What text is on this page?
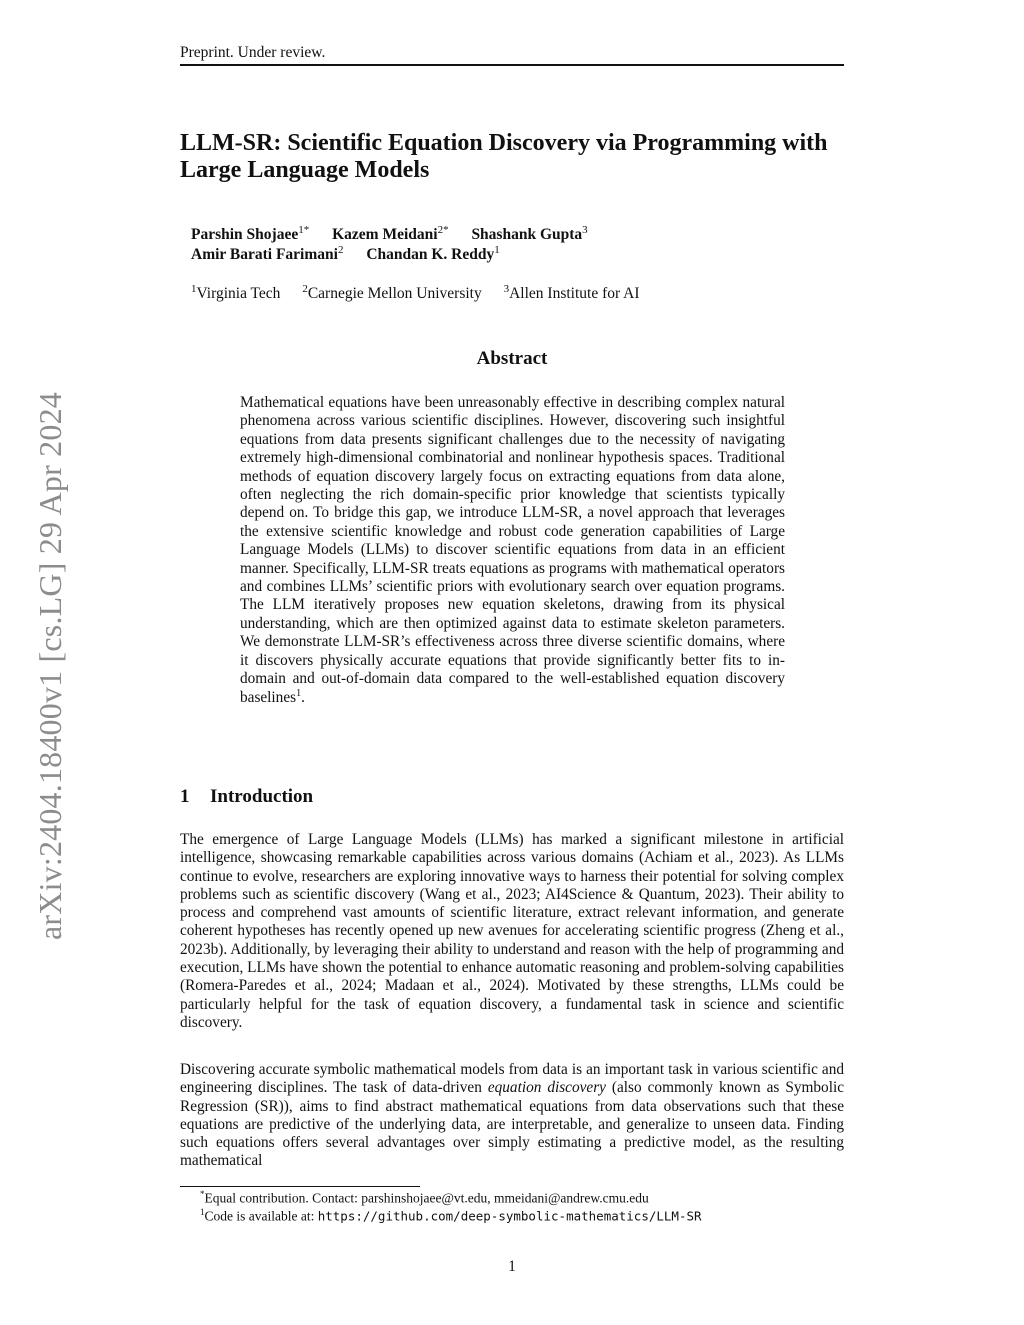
Preprint. Under review.
LLM-SR: Scientific Equation Discovery via Programming with Large Language Models
Parshin Shojaee$^{1*}$ Kazem Meidani$^{2*}$ Shashank Gupta$^3$
Amir Barati Farimani$^2$ Chandan K. Reddy$^1$
$^1$Virginia Tech $^2$Carnegie Mellon University $^3$Allen Institute for AI
arXiv:2404.18400v1 [cs.LG] 29 Apr 2024
Abstract
Mathematical equations have been unreasonably effective in describing complex natural phenomena across various scientific disciplines. However, discovering such insightful equations from data presents significant challenges due to the necessity of navigating extremely high-dimensional combinatorial and nonlinear hypothesis spaces. Traditional methods of equation discovery largely focus on extracting equations from data alone, often neglecting the rich domain-specific prior knowledge that scientists typically depend on. To bridge this gap, we introduce LLM-SR, a novel approach that leverages the extensive scientific knowledge and robust code generation capabilities of Large Language Models (LLMs) to discover scientific equations from data in an efficient manner. Specifically, LLM-SR treats equations as programs with mathematical operators and combines LLMs’ scientific priors with evolutionary search over equation programs. The LLM iteratively proposes new equation skeletons, drawing from its physical understanding, which are then optimized against data to estimate skeleton parameters. We demonstrate LLM-SR’s effectiveness across three diverse scientific domains, where it discovers physically accurate equations that provide significantly better fits to in-domain and out-of-domain data compared to the well-established equation discovery baselines$^1$.
1 Introduction
The emergence of Large Language Models (LLMs) has marked a significant milestone in artificial intelligence, showcasing remarkable capabilities across various domains (Achiam et al., 2023). As LLMs continue to evolve, researchers are exploring innovative ways to harness their potential for solving complex problems such as scientific discovery (Wang et al., 2023; AI4Science & Quantum, 2023). Their ability to process and comprehend vast amounts of scientific literature, extract relevant information, and generate coherent hypotheses has recently opened up new avenues for accelerating scientific progress (Zheng et al., 2023b). Additionally, by leveraging their ability to understand and reason with the help of programming and execution, LLMs have shown the potential to enhance automatic reasoning and problem-solving capabilities (Romera-Paredes et al., 2024; Madaan et al., 2024). Motivated by these strengths, LLMs could be particularly helpful for the task of equation discovery, a fundamental task in science and scientific discovery.
Discovering accurate symbolic mathematical models from data is an important task in various scientific and engineering disciplines. The task of data-driven equation discovery (also commonly known as Symbolic Regression (SR)), aims to find abstract mathematical equations from data observations such that these equations are predictive of the underlying data, are interpretable, and generalize to unseen data. Finding such equations offers several advantages over simply estimating a predictive model, as the resulting mathematical
*Equal contribution. Contact: parshinshojaee@vt.edu, mmeidani@andrew.cmu.edu
$^1$Code is available at: https://github.com/deep-symbolic-mathematics/LLM-SR
1
